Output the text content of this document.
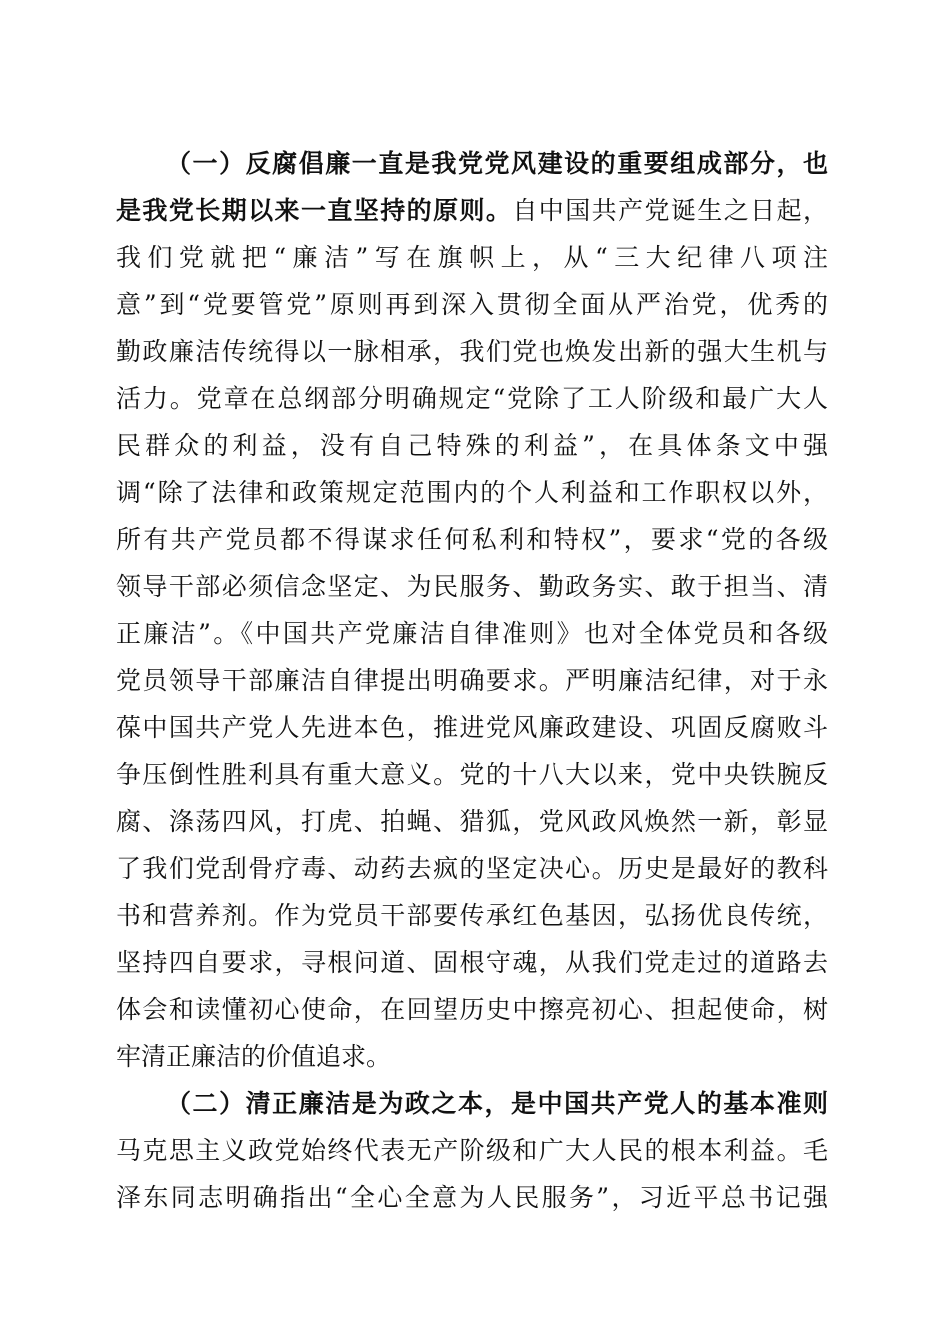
（一）反腐倡廉一直是我党党风建设的重要组成部分，也
是我党长期以来一直坚持的原则。自中国共产党诞生之日起，
我们党就把“廉洁”写在旗帜上，从“三大纪律八项注
意”到“党要管党”原则再到深入贯彻全面从严治党，优秀的
勤政廉洁传统得以一脉相承，我们党也焕发出新的强大生机与
活力。党章在总纲部分明确规定“党除了工人阶级和最广大人
民群众的利益，没有自己特殊的利益”，在具体条文中强
调“除了法律和政策规定范围内的个人利益和工作职权以外，
所有共产党员都不得谋求任何私利和特权”，要求“党的各级
领导干部必须信念坚定、为民服务、勤政务实、敢于担当、清
正廉洁”。《中国共产党廉洁自律准则》也对全体党员和各级
党员领导干部廉洁自律提出明确要求。严明廉洁纪律，对于永
葆中国共产党人先进本色，推进党风廉政建设、巩固反腐败斗
争压倒性胜利具有重大意义。党的十八大以来，党中央铁腕反
腐、涤荡四风，打虎、拍蝇、猎狐，党风政风焕然一新，彰显
了我们党刮骨疗毒、动药去疯的坚定决心。历史是最好的教科
书和营养剂。作为党员干部要传承红色基因，弘扬优良传统，
坚持四自要求，寻根问道、固根守魂，从我们党走过的道路去
体会和读懂初心使命，在回望历史中擦亮初心、担起使命，树
牢清正廉洁的价值追求。
（二）清正廉洁是为政之本，是中国共产党人的基本准则
马克思主义政党始终代表无产阶级和广大人民的根本利益。毛
泽东同志明确指出“全心全意为人民服务”，习近平总书记强
